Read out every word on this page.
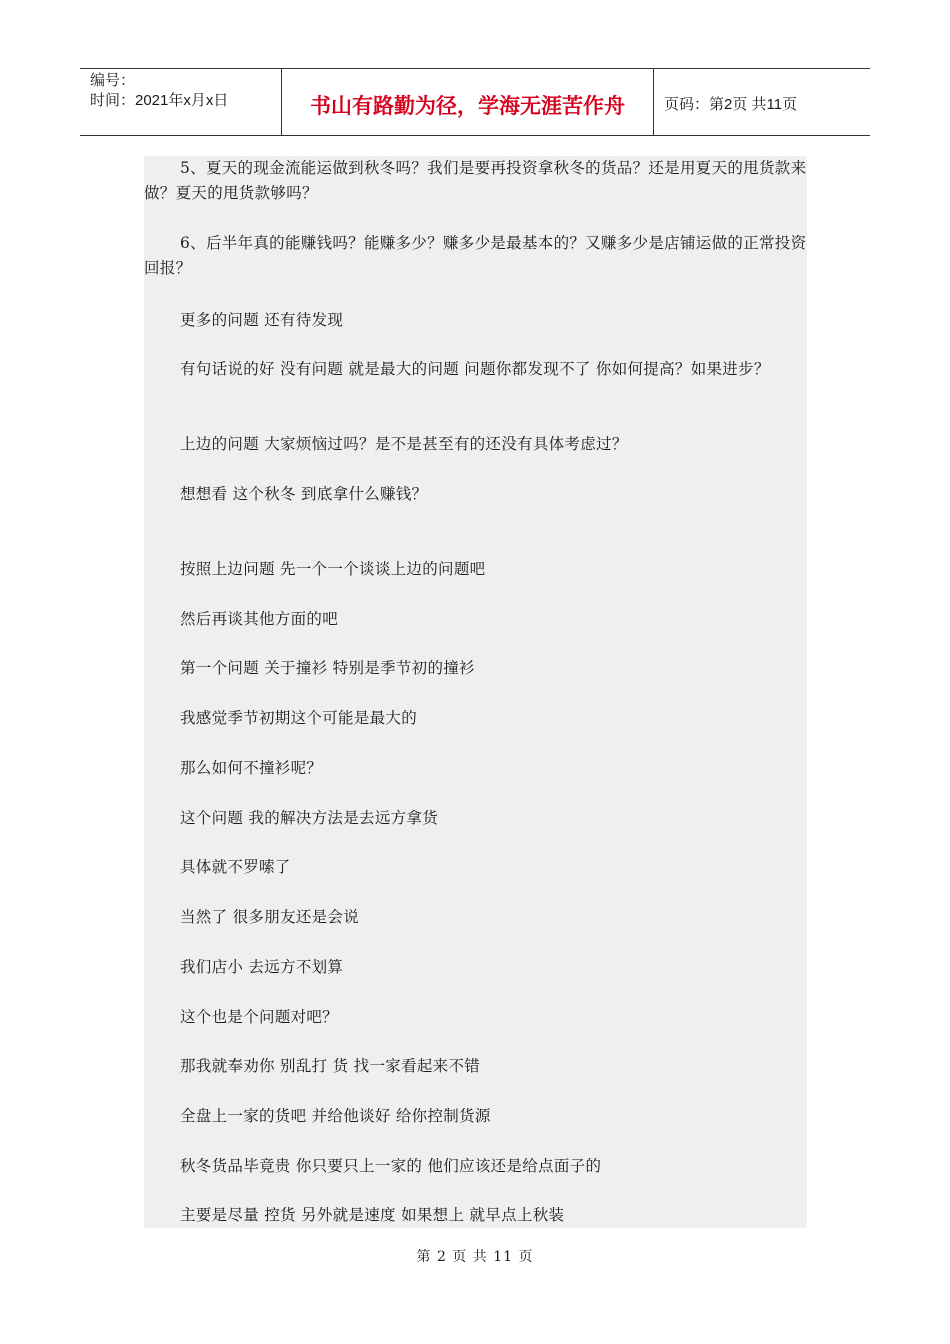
编号：
时间：2021年x月x日	书山有路勤为径，学海无涯苦作舟	页码：第2页 共11页

5、夏天的现金流能运做到秋冬吗？我们是要再投资拿秋冬的货品？还是用夏天的甩货款来做？夏天的甩货款够吗？

6、后半年真的能赚钱吗？能赚多少？赚多少是最基本的？又赚多少是店铺运做的正常投资回报？

更多的问题 还有待发现

有句话说的好 没有问题 就是最大的问题 问题你都发现不了 你如何提高？如果进步？

上边的问题 大家烦恼过吗？是不是甚至有的还没有具体考虑过？

想想看 这个秋冬 到底拿什么赚钱？

按照上边问题 先一个一个谈谈上边的问题吧

然后再谈其他方面的吧

第一个问题 关于撞衫 特别是季节初的撞衫

我感觉季节初期这个可能是最大的

那么如何不撞衫呢？

这个问题 我的解决方法是去远方拿货

具体就不罗嗦了

当然了 很多朋友还是会说

我们店小 去远方不划算

这个也是个问题对吧？

那我就奉劝你 别乱打 货 找一家看起来不错

全盘上一家的货吧 并给他谈好 给你控制货源

秋冬货品毕竟贵 你只要只上一家的 他们应该还是给点面子的

主要是尽量 控货 另外就是速度 如果想上 就早点上秋装

第 2 页 共 11 页
